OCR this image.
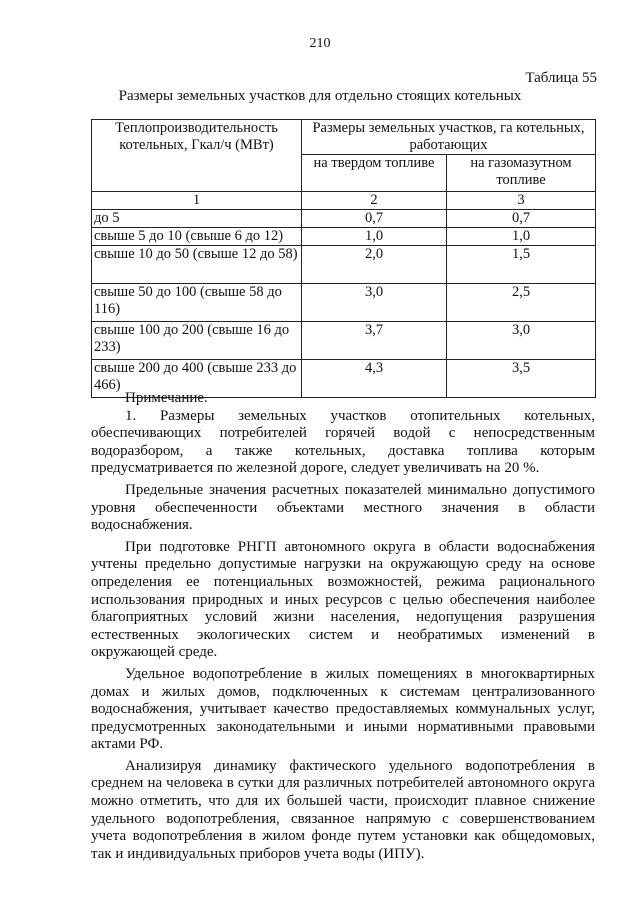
210
Таблица 55
Размеры земельных участков для отдельно стоящих котельных
Теплопроизводительность котельных, Гкал/ч (МВт)	Размеры земельных участков, га котельных, работающих	
	на твердом топливе	на газомазутном топливе
1	2	3
до 5	0,7	0,7
свыше 5 до 10 (свыше 6 до 12)	1,0	1,0
свыше 10 до 50 (свыше 12 до 58)	2,0	1,5
свыше 50 до 100 (свыше 58 до 116)	3,0	2,5
свыше 100 до 200 (свыше 16 до 233)	3,7	3,0
свыше 200 до 400 (свыше 233 до 466)	4,3	3,5

Примечание.

1. Размеры земельных участков отопительных котельных, обеспечивающих потребителей горячей водой с непосредственным водоразбором, а также котельных, доставка топлива которым предусматривается по железной дороге, следует увеличивать на 20 %.

Предельные значения расчетных показателей минимально допустимого уровня обеспеченности объектами местного значения в области водоснабжения.

При подготовке РНГП автономного округа в области водоснабжения учтены предельно допустимые нагрузки на окружающую среду на основе определения ее потенциальных возможностей, режима рационального использования природных и иных ресурсов с целью обеспечения наиболее благоприятных условий жизни населения, недопущения разрушения естественных экологических систем и необратимых изменений в окружающей среде.

Удельное водопотребление в жилых помещениях в многоквартирных домах и жилых домов, подключенных к системам централизованного водоснабжения, учитывает качество предоставляемых коммунальных услуг, предусмотренных законодательными и иными нормативными правовыми актами РФ.

Анализируя динамику фактического удельного водопотребления в среднем на человека в сутки для различных потребителей автономного округа можно отметить, что для их большей части, происходит плавное снижение удельного водопотребления, связанное напрямую с совершенствованием учета водопотребления в жилом фонде путем установки как общедомовых, так и индивидуальных приборов учета воды (ИПУ).
